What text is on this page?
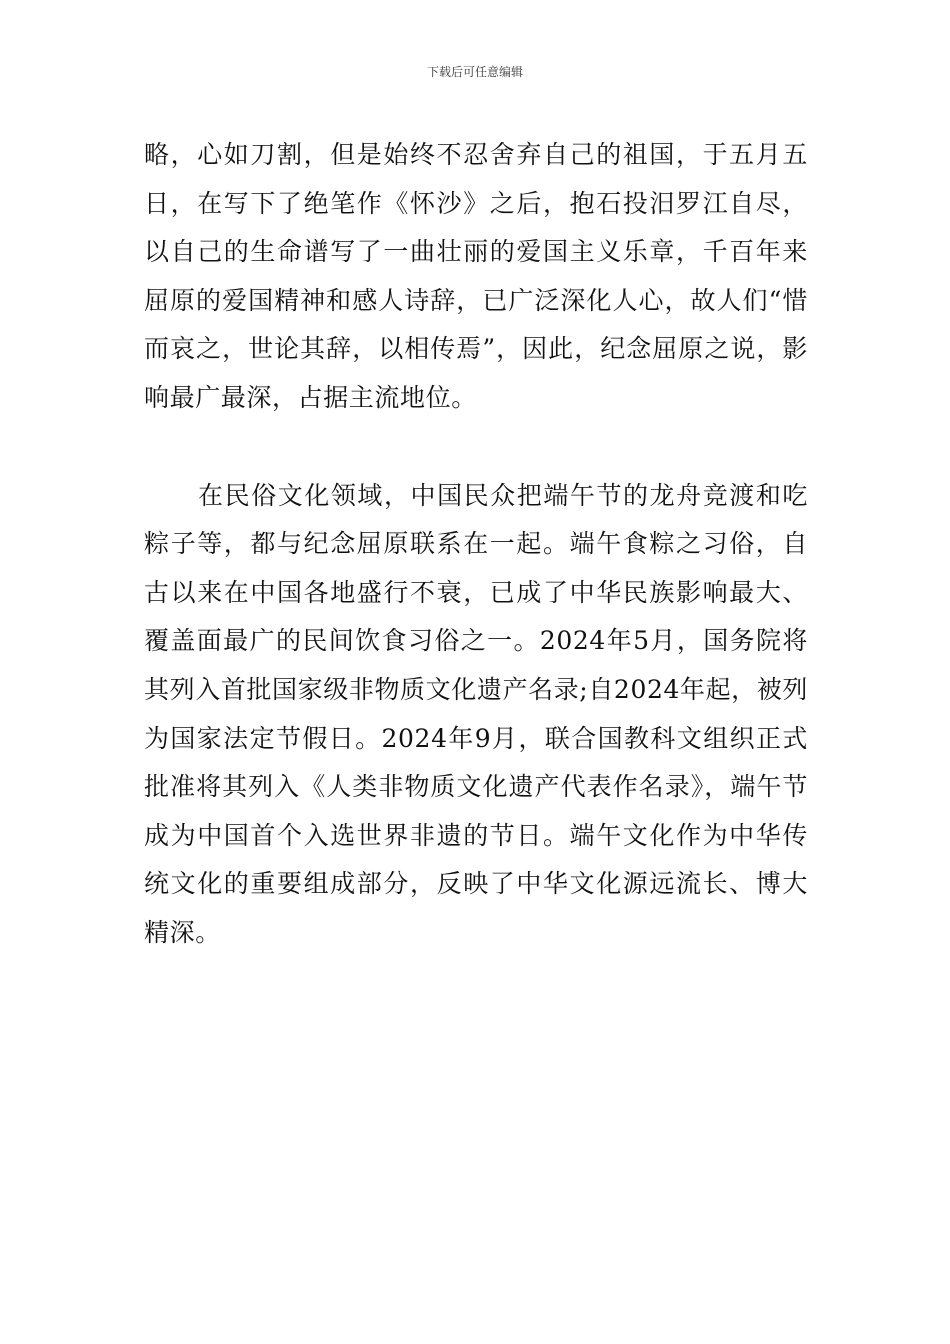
下载后可任意编辑

略，心如刀割，但是始终不忍舍弃自己的祖国，于五月五日，在写下了绝笔作《怀沙》之后，抱石投汨罗江自尽，以自己的生命谱写了一曲壮丽的爱国主义乐章，千百年来屈原的爱国精神和感人诗辞，已广泛深化人心，故人们“惜而哀之，世论其辞，以相传焉”，因此，纪念屈原之说，影响最广最深，占据主流地位。

在民俗文化领域，中国民众把端午节的龙舟竞渡和吃粽子等，都与纪念屈原联系在一起。端午食粽之习俗，自古以来在中国各地盛行不衰，已成了中华民族影响最大、覆盖面最广的民间饮食习俗之一。2024年5月，国务院将其列入首批国家级非物质文化遗产名录;自2024年起，被列为国家法定节假日。2024年9月，联合国教科文组织正式批准将其列入《人类非物质文化遗产代表作名录》，端午节成为中国首个入选世界非遗的节日。端午文化作为中华传统文化的重要组成部分，反映了中华文化源远流长、博大精深。
